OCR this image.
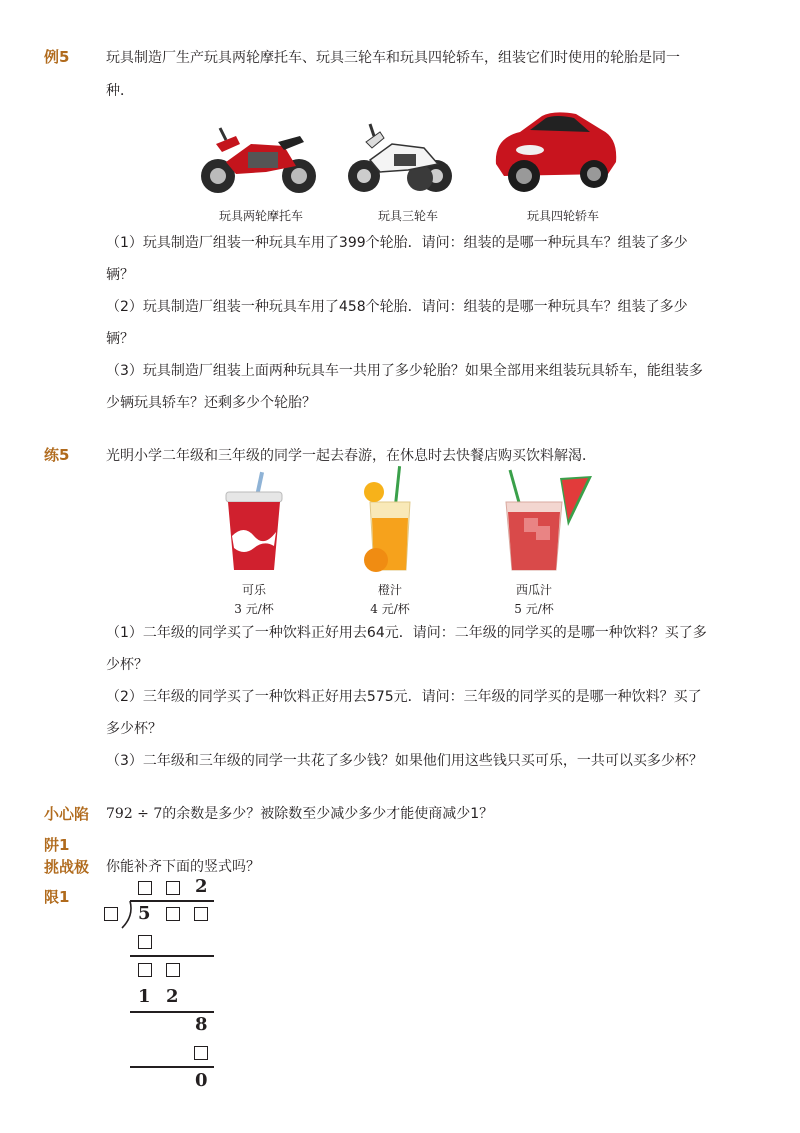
例5	玩具制造厂生产玩具两轮摩托车、玩具三轮车和玩具四轮轿车，组装它们时使用的轮胎是同一
种．
玩具两轮摩托车	玩具三轮车	玩具四轮轿车
（1）玩具制造厂组装一种玩具车用了399个轮胎．请问：组装的是哪一种玩具车？组装了多少
辆？
（2）玩具制造厂组装一种玩具车用了458个轮胎．请问：组装的是哪一种玩具车？组装了多少
辆？
（3）玩具制造厂组装上面两种玩具车一共用了多少轮胎？如果全部用来组装玩具轿车，能组装多
少辆玩具轿车？还剩多少个轮胎？
练5	光明小学二年级和三年级的同学一起去春游，在休息时去快餐店购买饮料解渴．
可乐
3 元/杯
橙汁
4 元/杯
西瓜汁
5 元/杯
（1）二年级的同学买了一种饮料正好用去64元．请问：二年级的同学买的是哪一种饮料？买了多
少杯？
（2）三年级的同学买了一种饮料正好用去575元．请问：三年级的同学买的是哪一种饮料？买了
多少杯？
（3）二年级和三年级的同学一共花了多少钱？如果他们用这些钱只买可乐，一共可以买多少杯？
小心陷 792 ÷ 7的余数是多少？被除数至少减少多少才能使商减少1？
阱1
挑战极 你能补齐下面的竖式吗？
限1	2
5
1 2
8
0
